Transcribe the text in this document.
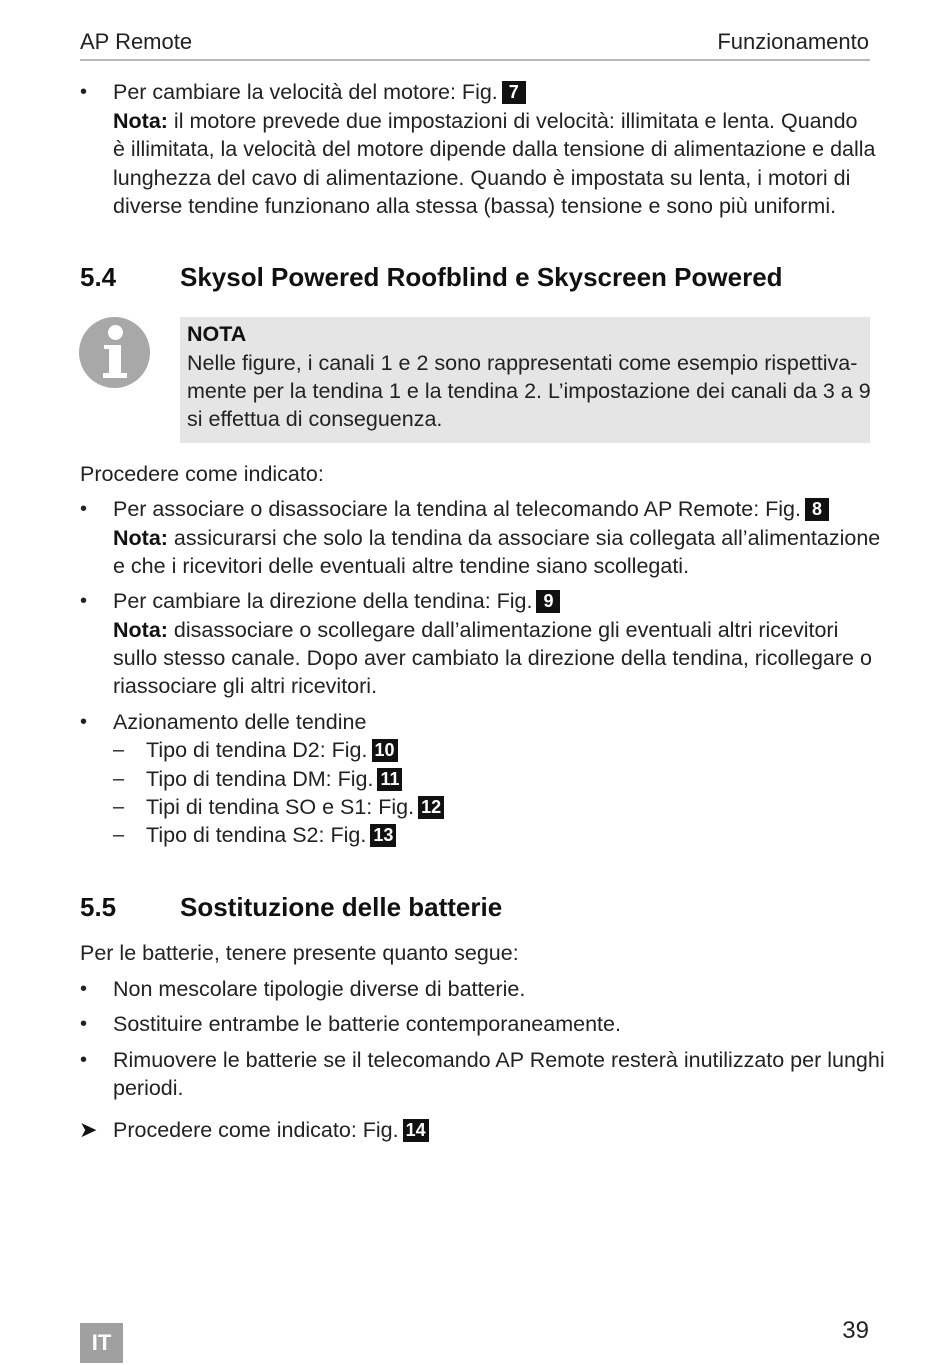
AP Remote	Funzionamento
• Per cambiare la velocità del motore: Fig. 7
Nota: il motore prevede due impostazioni di velocità: illimitata e lenta. Quando
è illimitata, la velocità del motore dipende dalla tensione di alimentazione e dalla
lunghezza del cavo di alimentazione. Quando è impostata su lenta, i motori di
diverse tendine funzionano alla stessa (bassa) tensione e sono più uniformi.
5.4 Skysol Powered Roofblind e Skyscreen Powered
NOTA
Nelle figure, i canali 1 e 2 sono rappresentati come esempio rispettiva-
mente per la tendina 1 e la tendina 2. L’impostazione dei canali da 3 a 9
si effettua di conseguenza.
Procedere come indicato:
• Per associare o disassociare la tendina al telecomando AP Remote: Fig. 8
Nota: assicurarsi che solo la tendina da associare sia collegata all’alimentazione
e che i ricevitori delle eventuali altre tendine siano scollegati.
• Per cambiare la direzione della tendina: Fig. 9
Nota: disassociare o scollegare dall’alimentazione gli eventuali altri ricevitori
sullo stesso canale. Dopo aver cambiato la direzione della tendina, ricollegare o
riassociare gli altri ricevitori.
• Azionamento delle tendine
– Tipo di tendina D2: Fig. 10
– Tipo di tendina DM: Fig. 11
– Tipi di tendina SO e S1: Fig. 12
– Tipo di tendina S2: Fig. 13
5.5 Sostituzione delle batterie
Per le batterie, tenere presente quanto segue:
• Non mescolare tipologie diverse di batterie.
• Sostituire entrambe le batterie contemporaneamente.
• Rimuovere le batterie se il telecomando AP Remote resterà inutilizzato per lunghi
periodi.
➤ Procedere come indicato: Fig. 14
IT	39
